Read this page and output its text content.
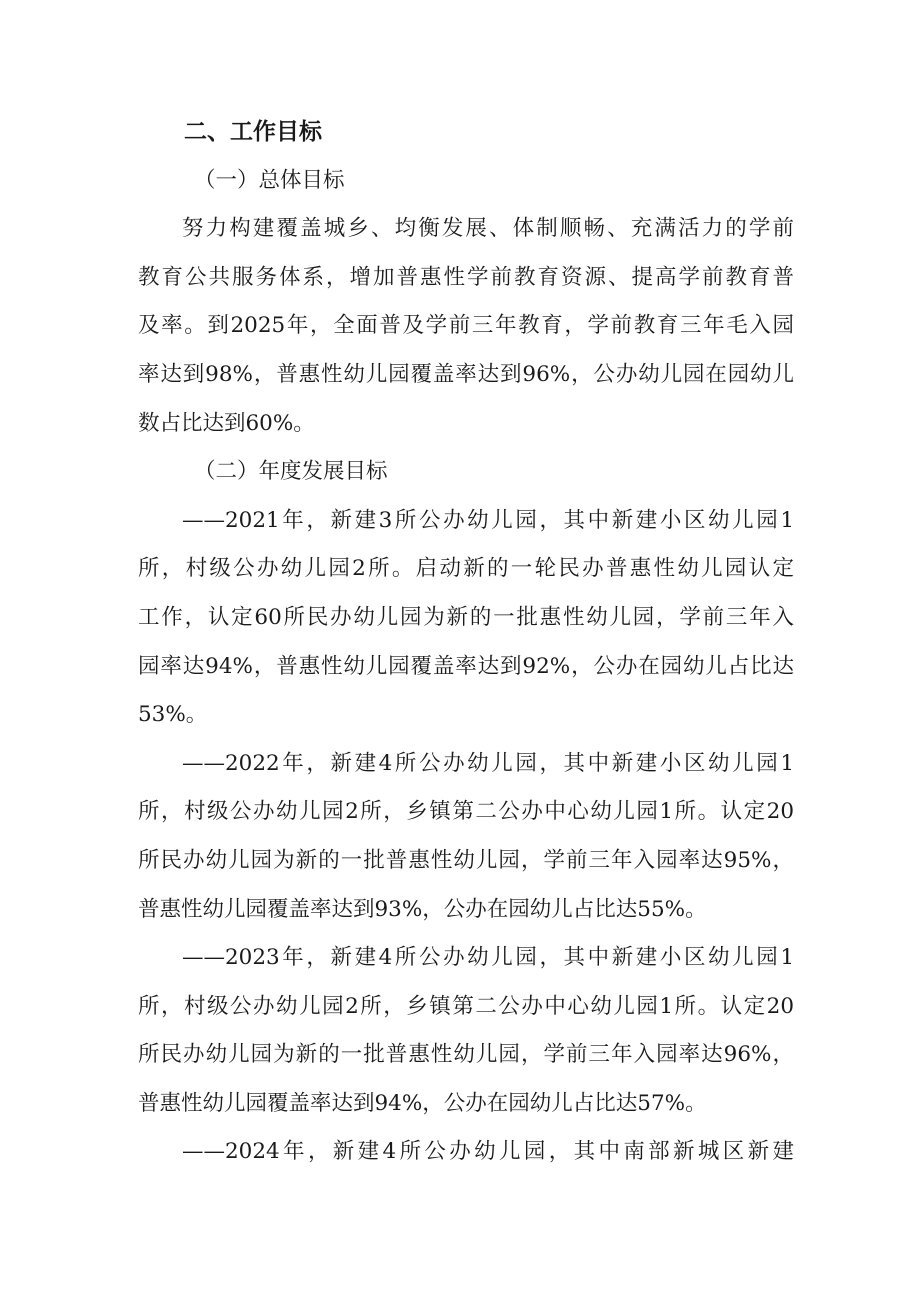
二、工作目标
（一）总体目标
努力构建覆盖城乡、均衡发展、体制顺畅、充满活力的学前
教育公共服务体系，增加普惠性学前教育资源、提高学前教育普
及率。到2025年，全面普及学前三年教育，学前教育三年毛入园
率达到98%，普惠性幼儿园覆盖率达到96%，公办幼儿园在园幼儿
数占比达到60%。
（二）年度发展目标
——2021年，新建3所公办幼儿园，其中新建小区幼儿园1
所，村级公办幼儿园2所。启动新的一轮民办普惠性幼儿园认定
工作，认定60所民办幼儿园为新的一批惠性幼儿园，学前三年入
园率达94%，普惠性幼儿园覆盖率达到92%，公办在园幼儿占比达
53%。
——2022年，新建4所公办幼儿园，其中新建小区幼儿园1
所，村级公办幼儿园2所，乡镇第二公办中心幼儿园1所。认定20
所民办幼儿园为新的一批普惠性幼儿园，学前三年入园率达95%，
普惠性幼儿园覆盖率达到93%，公办在园幼儿占比达55%。
——2023年，新建4所公办幼儿园，其中新建小区幼儿园1
所，村级公办幼儿园2所，乡镇第二公办中心幼儿园1所。认定20
所民办幼儿园为新的一批普惠性幼儿园，学前三年入园率达96%，
普惠性幼儿园覆盖率达到94%，公办在园幼儿占比达57%。
——2024年，新建4所公办幼儿园，其中南部新城区新建
